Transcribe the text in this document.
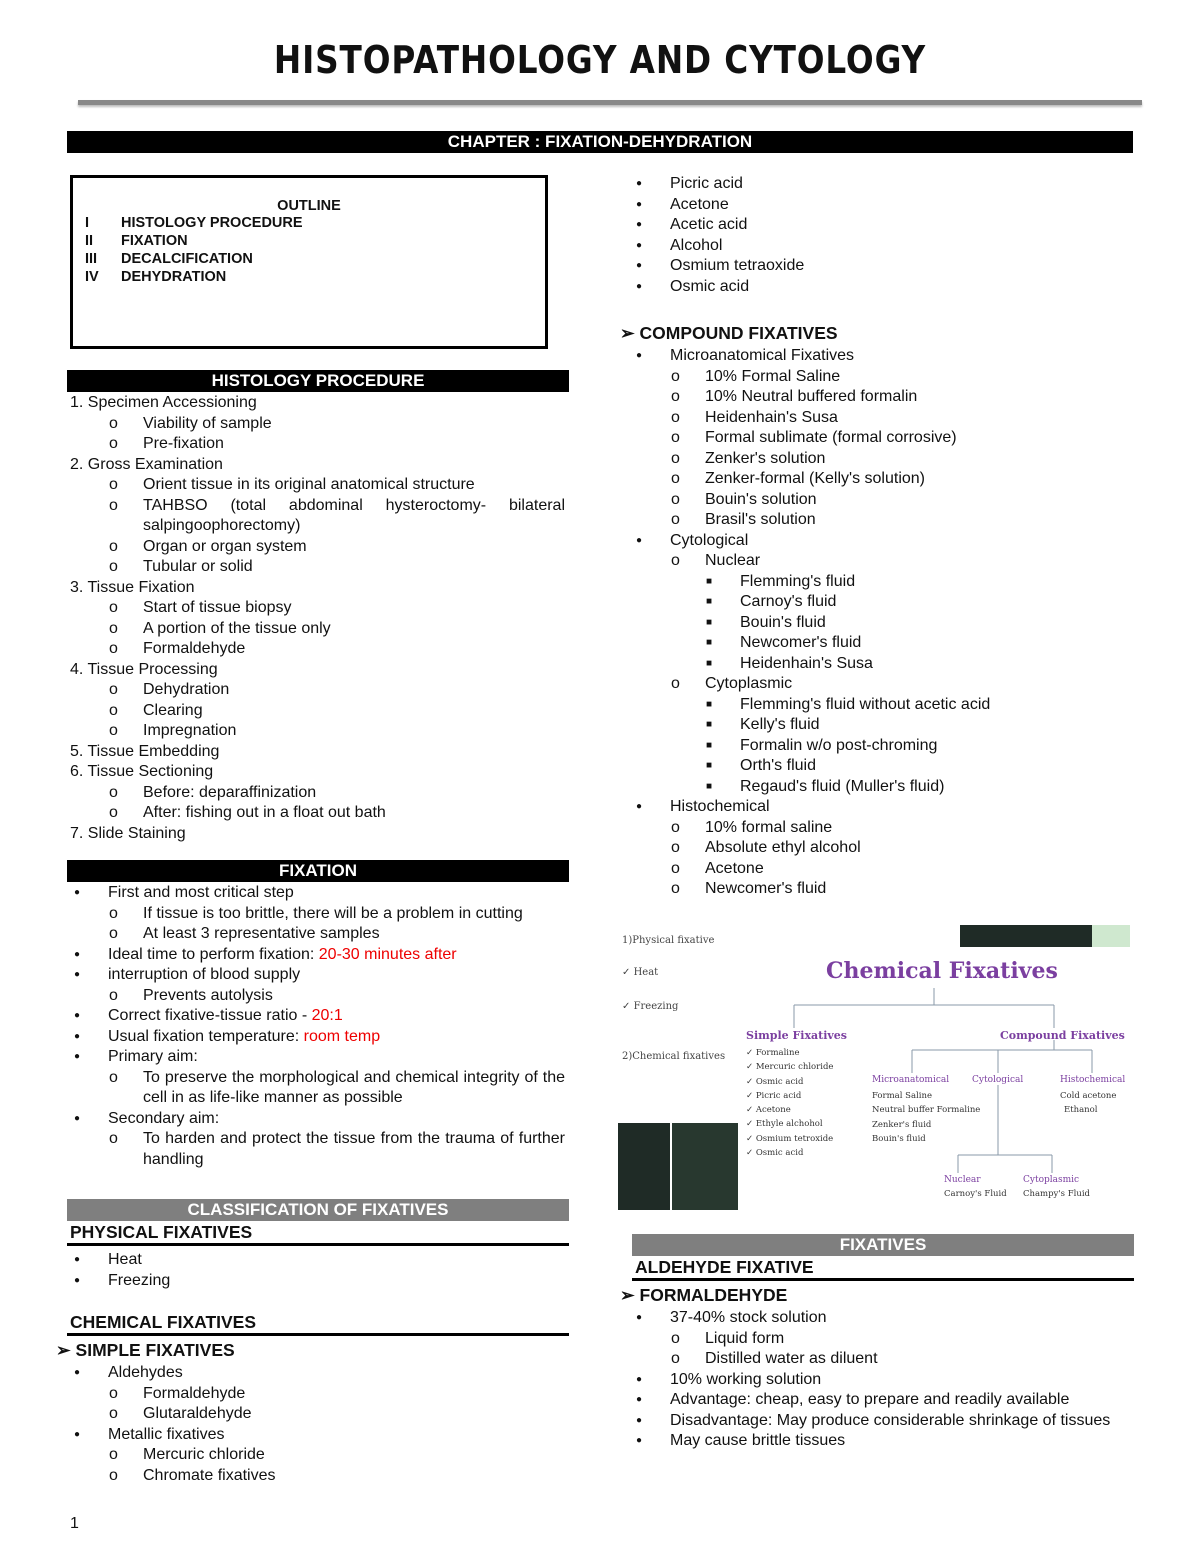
HISTOPATHOLOGY AND CYTOLOGY
CHAPTER : FIXATION-DEHYDRATION
OUTLINE
I HISTOLOGY PROCEDURE
II FIXATION
III DECALCIFICATION
IV DEHYDRATION
HISTOLOGY PROCEDURE
1. Specimen Accessioning
o Viability of sample
o Pre-fixation
2. Gross Examination
o Orient tissue in its original anatomical structure
o TAHBSO (total abdominal hysteroctomy- bilateral salpingoophorectomy)
o Organ or organ system
o Tubular or solid
3. Tissue Fixation
o Start of tissue biopsy
o A portion of the tissue only
o Formaldehyde
4. Tissue Processing
o Dehydration
o Clearing
o Impregnation
5. Tissue Embedding
6. Tissue Sectioning
o Before: deparaffinization
o After: fishing out in a float out bath
7. Slide Staining
FIXATION
● First and most critical step
o If tissue is too brittle, there will be a problem in cutting
o At least 3 representative samples
● Ideal time to perform fixation: 20-30 minutes after
● interruption of blood supply
o Prevents autolysis
● Correct fixative-tissue ratio - 20:1
● Usual fixation temperature: room temp
● Primary aim:
o To preserve the morphological and chemical integrity of the cell in as life-like manner as possible
● Secondary aim:
o To harden and protect the tissue from the trauma of further handling
CLASSIFICATION OF FIXATIVES
PHYSICAL FIXATIVES
● Heat
● Freezing
CHEMICAL FIXATIVES
➢ SIMPLE FIXATIVES
● Aldehydes
o Formaldehyde
o Glutaraldehyde
● Metallic fixatives
o Mercuric chloride
o Chromate fixatives
● Picric acid
● Acetone
● Acetic acid
● Alcohol
● Osmium tetraoxide
● Osmic acid
➢ COMPOUND FIXATIVES
● Microanatomical Fixatives
o 10% Formal Saline
o 10% Neutral buffered formalin
o Heidenhain's Susa
o Formal sublimate (formal corrosive)
o Zenker's solution
o Zenker-formal (Kelly's solution)
o Bouin's solution
o Brasil's solution
● Cytological
o Nuclear
■ Flemming's fluid
■ Carnoy's fluid
■ Bouin's fluid
■ Newcomer's fluid
■ Heidenhain's Susa
o Cytoplasmic
■ Flemming's fluid without acetic acid
■ Kelly's fluid
■ Formalin w/o post-chroming
■ Orth's fluid
■ Regaud's fluid (Muller's fluid)
● Histochemical
o 10% formal saline
o Absolute ethyl alcohol
o Acetone
o Newcomer's fluid
1)Physical fixative
✓ Heat
✓ Freezing
2)Chemical fixatives
Chemical Fixatives
Simple Fixatives	Compound Fixatives
✓ Formaline
✓ Mercuric chloride
✓ Osmic acid
✓ Picric acid
✓ Acetone
✓ Ethyle alchohol
✓ Osmium tetroxide
✓ Osmic acid
Microanatomical	Cytological	Histochemical
Formal Saline
Neutral buffer Formaline
Zenker's fluid
Bouin's fluid
Cold acetone
Ethanol
Nuclear
Carnoy's Fluid
Cytoplasmic
Champy's Fluid
FIXATIVES
ALDEHYDE FIXATIVE
➢ FORMALDEHYDE
● 37-40% stock solution
o Liquid form
o Distilled water as diluent
● 10% working solution
● Advantage: cheap, easy to prepare and readily available
● Disadvantage: May produce considerable shrinkage of tissues
● May cause brittle tissues
1
